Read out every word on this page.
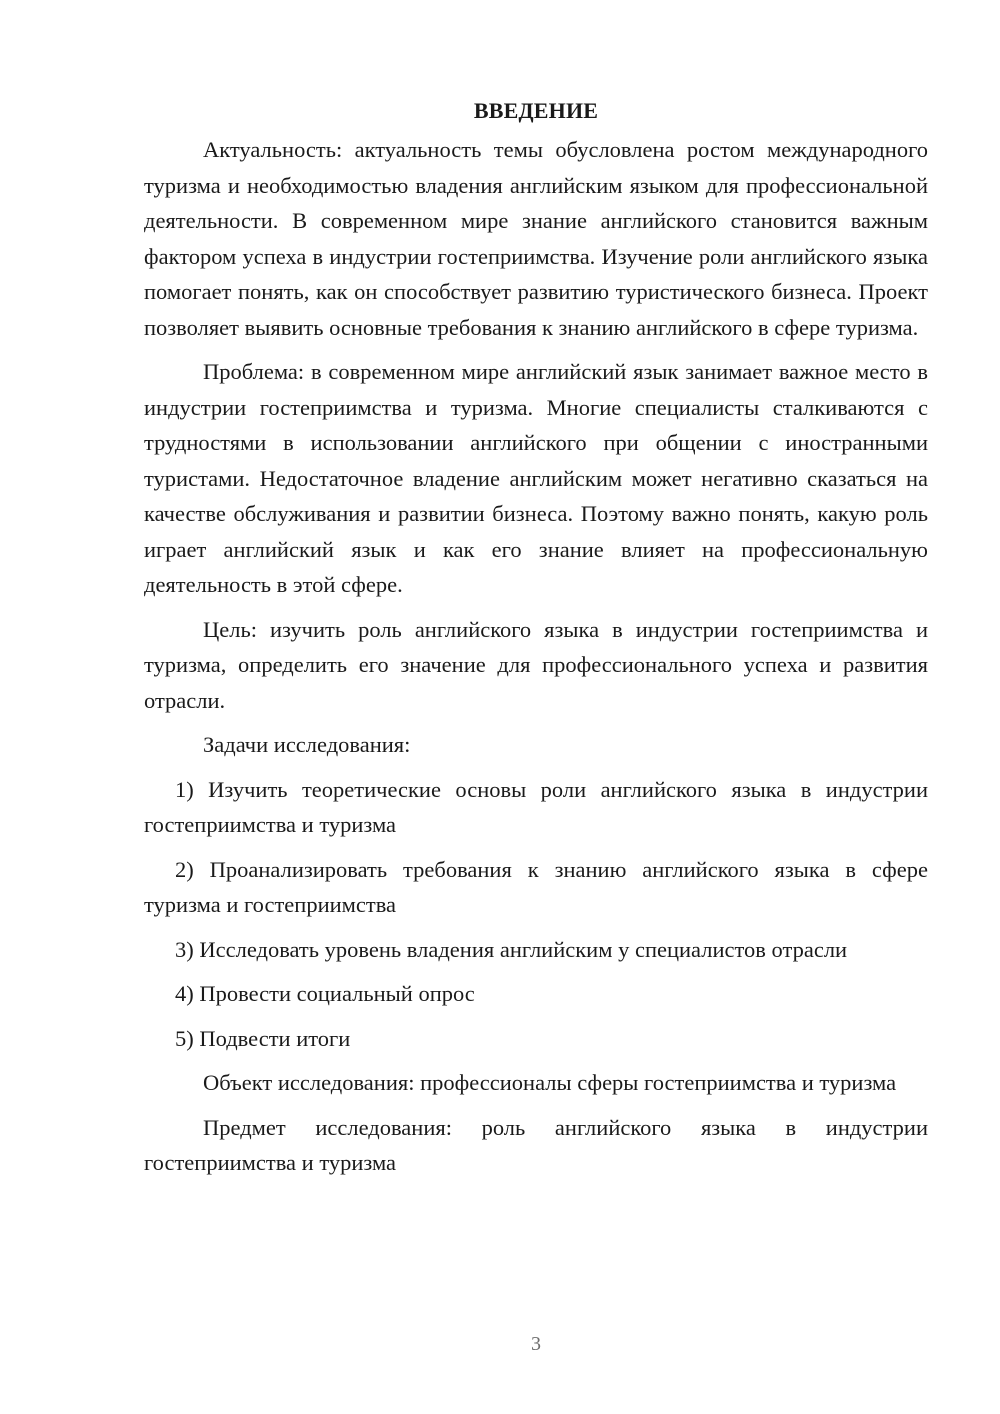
ВВЕДЕНИЕ

Актуальность: актуальность темы обусловлена ростом международного туризма и необходимостью владения английским языком для профессиональной деятельности. В современном мире знание английского становится важным фактором успеха в индустрии гостеприимства. Изучение роли английского языка помогает понять, как он способствует развитию туристического бизнеса. Проект позволяет выявить основные требования к знанию английского в сфере туризма.

Проблема: в современном мире английский язык занимает важное место в индустрии гостеприимства и туризма. Многие специалисты сталкиваются с трудностями в использовании английского при общении с иностранными туристами. Недостаточное владение английским может негативно сказаться на качестве обслуживания и развитии бизнеса. Поэтому важно понять, какую роль играет английский язык и как его знание влияет на профессиональную деятельность в этой сфере.

Цель: изучить роль английского языка в индустрии гостеприимства и туризма, определить его значение для профессионального успеха и развития отрасли.

Задачи исследования:

1) Изучить теоретические основы роли английского языка в индустрии гостеприимства и туризма

2) Проанализировать требования к знанию английского языка в сфере туризма и гостеприимства

3) Исследовать уровень владения английским у специалистов отрасли

4) Провести социальный опрос

5) Подвести итоги

Объект исследования: профессионалы сферы гостеприимства и туризма

Предмет исследования: роль английского языка в индустрии гостеприимства и туризма

3
